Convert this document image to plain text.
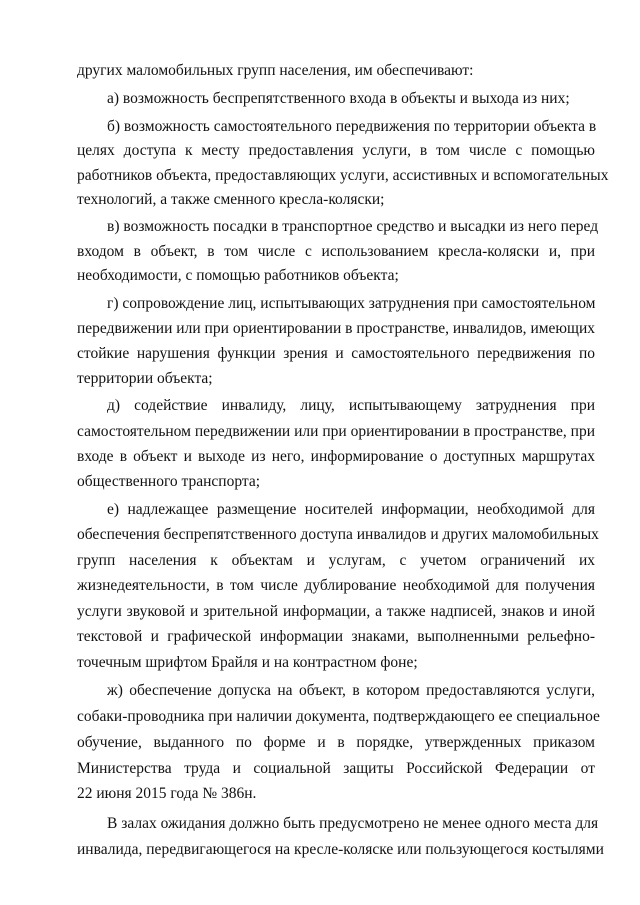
других маломобильных групп населения, им обеспечивают:
а) возможность беспрепятственного входа в объекты и выхода из них;
б) возможность самостоятельного передвижения по территории объекта в
целях доступа к месту предоставления услуги, в том числе с помощью
работников объекта, предоставляющих услуги, ассистивных и вспомогательных
технологий, а также сменного кресла-коляски;
в) возможность посадки в транспортное средство и высадки из него перед
входом в объект, в том числе с использованием кресла-коляски и, при
необходимости, с помощью работников объекта;
г) сопровождение лиц, испытывающих затруднения при самостоятельном
передвижении или при ориентировании в пространстве, инвалидов, имеющих
стойкие нарушения функции зрения и самостоятельного передвижения по
территории объекта;
д) содействие инвалиду, лицу, испытывающему затруднения при
самостоятельном передвижении или при ориентировании в пространстве, при
входе в объект и выходе из него, информирование о доступных маршрутах
общественного транспорта;
е) надлежащее размещение носителей информации, необходимой для
обеспечения беспрепятственного доступа инвалидов и других маломобильных
групп населения к объектам и услугам, с учетом ограничений их
жизнедеятельности, в том числе дублирование необходимой для получения
услуги звуковой и зрительной информации, а также надписей, знаков и иной
текстовой и графической информации знаками, выполненными рельефно-
точечным шрифтом Брайля и на контрастном фоне;
ж) обеспечение допуска на объект, в котором предоставляются услуги,
собаки-проводника при наличии документа, подтверждающего ее специальное
обучение, выданного по форме и в порядке, утвержденных приказом
Министерства труда и социальной защиты Российской Федерации от
22 июня 2015 года № 386н.
В залах ожидания должно быть предусмотрено не менее одного места для
инвалида, передвигающегося на кресле-коляске или пользующегося костылями
